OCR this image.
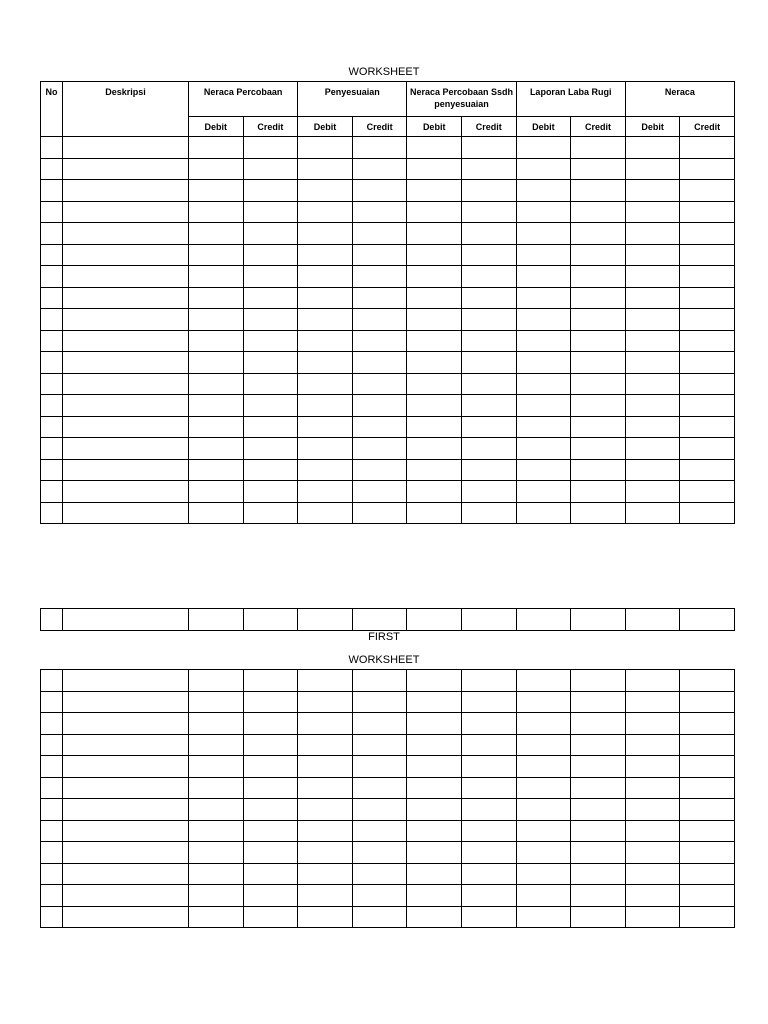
WORKSHEET
No	Deskripsi	Neraca Percobaan		Penyesuaian		Neraca Percobaan Ssdh penyesuaian		Laporan Laba Rugi		Neraca	

		Debit	Credit	Debit	Credit	Debit	Credit	Debit	Credit	Debit	Credit

FIRST
WORKSHEET
